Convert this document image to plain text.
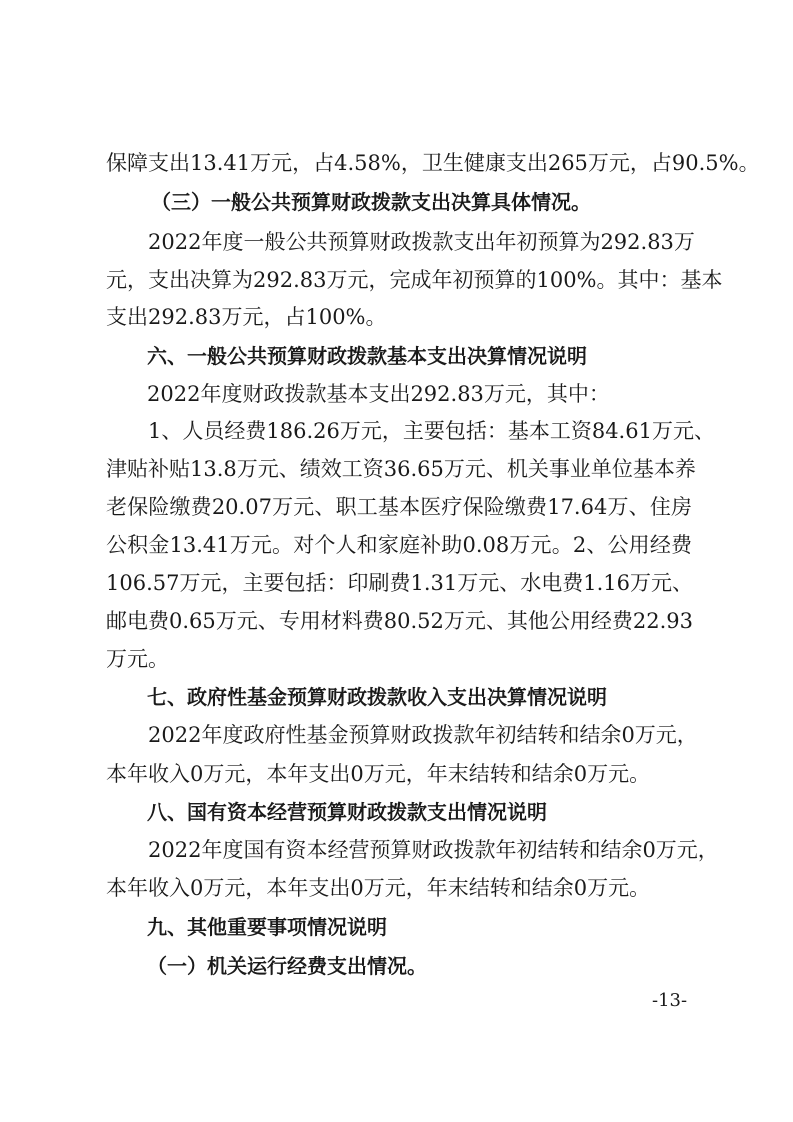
保障支出13.41万元，占4.58%，卫生健康支出265万元，占90.5%。
（三）一般公共预算财政拨款支出决算具体情况。
2022年度一般公共预算财政拨款支出年初预算为292.83万
元，支出决算为292.83万元，完成年初预算的100%。其中：基本
支出292.83万元，占100%。
六、一般公共预算财政拨款基本支出决算情况说明
2022年度财政拨款基本支出292.83万元，其中：
1、人员经费186.26万元，主要包括：基本工资84.61万元、
津贴补贴13.8万元、绩效工资36.65万元、机关事业单位基本养
老保险缴费20.07万元、职工基本医疗保险缴费17.64万、住房
公积金13.41万元。对个人和家庭补助0.08万元。2、公用经费
106.57万元，主要包括：印刷费1.31万元、水电费1.16万元、
邮电费0.65万元、专用材料费80.52万元、其他公用经费22.93
万元。
七、政府性基金预算财政拨款收入支出决算情况说明
2022年度政府性基金预算财政拨款年初结转和结余0万元，
本年收入0万元，本年支出0万元，年末结转和结余0万元。
八、国有资本经营预算财政拨款支出情况说明
2022年度国有资本经营预算财政拨款年初结转和结余0万元，
本年收入0万元，本年支出0万元，年末结转和结余0万元。
九、其他重要事项情况说明
（一）机关运行经费支出情况。
-13-
